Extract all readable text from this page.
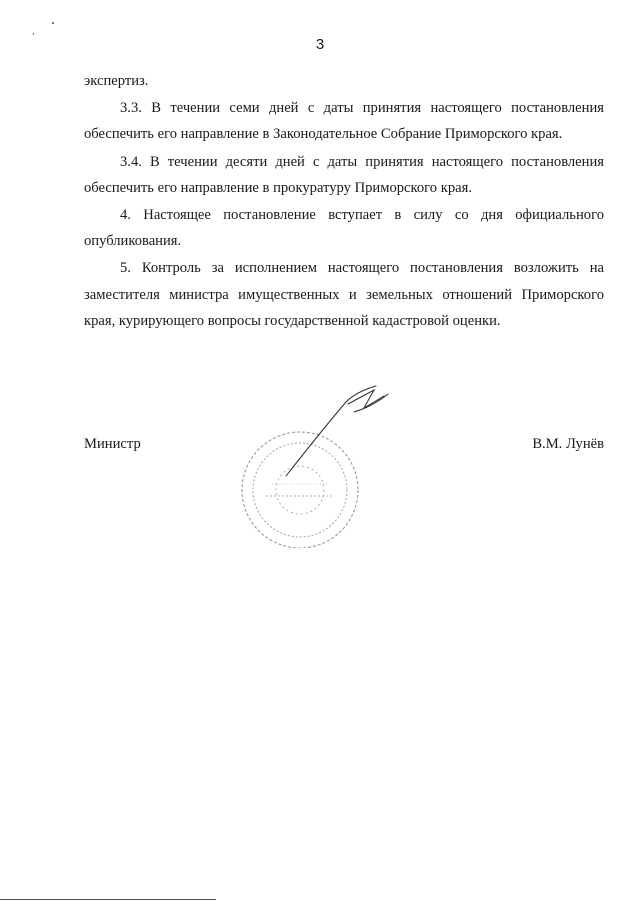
3

экспертиз.

3.3. В течении семи дней с даты принятия настоящего постановления обеспечить его направление в Законодательное Собрание Приморского края.

3.4. В течении десяти дней с даты принятия настоящего постановления обеспечить его направление в прокуратуру Приморского края.

4. Настоящее постановление вступает в силу со дня официального опубликования.

5. Контроль за исполнением настоящего постановления возложить на заместителя министра имущественных и земельных отношений Приморского края, курирующего вопросы государственной кадастровой оценки.

Министр	В.М. Лунёв
